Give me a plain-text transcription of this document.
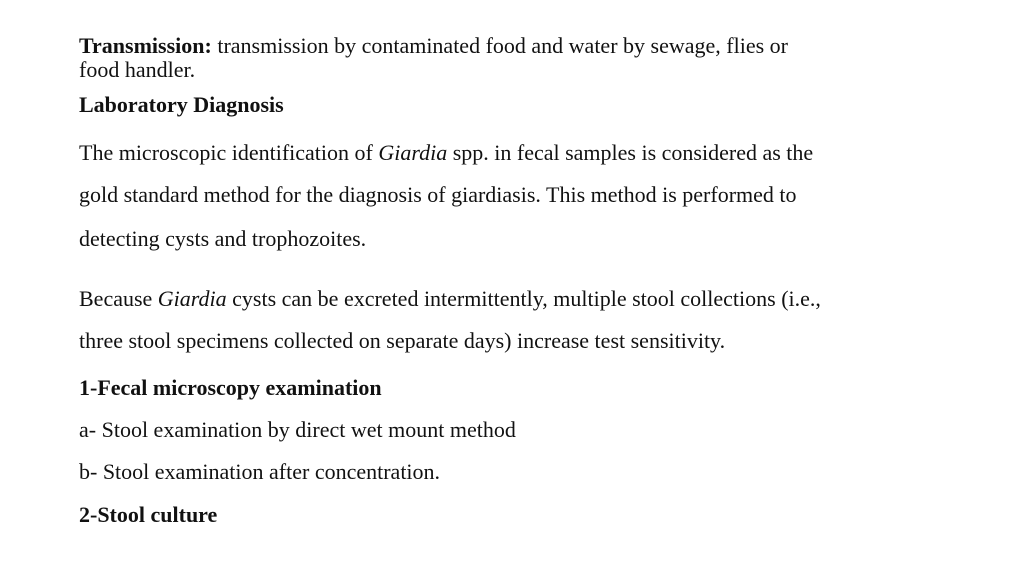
Transmission: transmission by contaminated food and water by sewage, flies or
food handler.
Laboratory Diagnosis
The microscopic identification of Giardia spp. in fecal samples is considered as the
gold standard method for the diagnosis of giardiasis. This method is performed to
detecting cysts and trophozoites.
Because Giardia cysts can be excreted intermittently, multiple stool collections (i.e.,
three stool specimens collected on separate days) increase test sensitivity.
1-Fecal microscopy examination
a- Stool examination by direct wet mount method
b- Stool examination after concentration.
2-Stool culture
